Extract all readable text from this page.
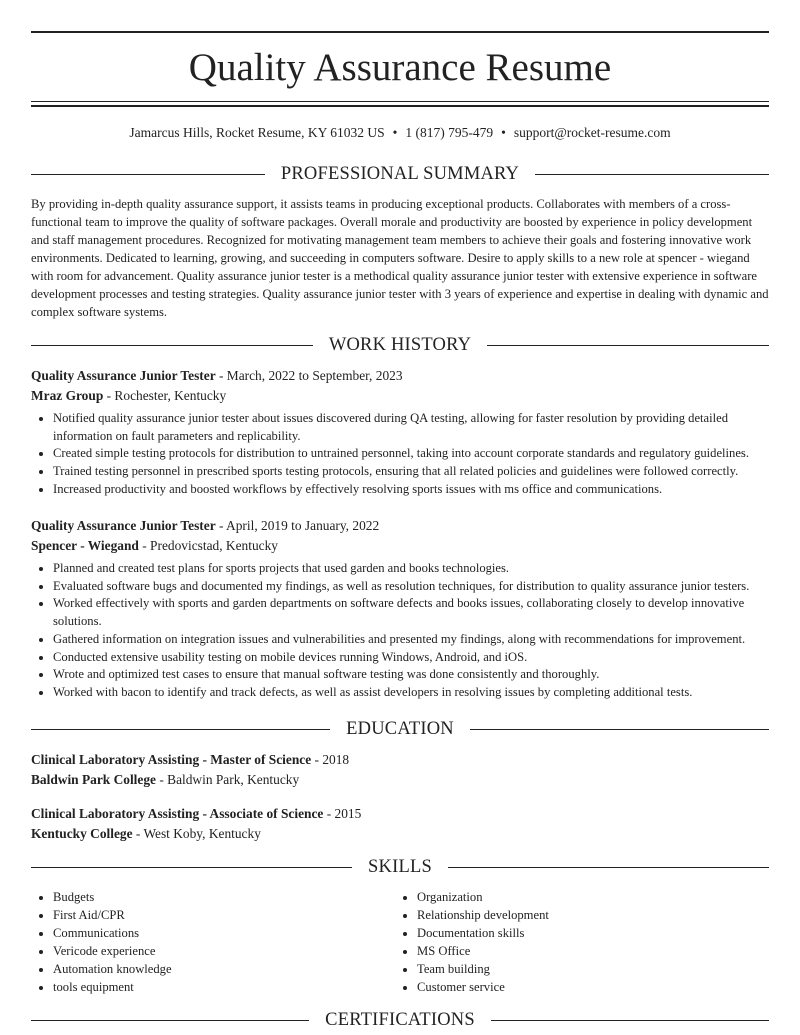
Quality Assurance Resume
Jamarcus Hills, Rocket Resume, KY 61032 US • 1 (817) 795-479 • support@rocket-resume.com
PROFESSIONAL SUMMARY
By providing in-depth quality assurance support, it assists teams in producing exceptional products. Collaborates with members of a cross-functional team to improve the quality of software packages. Overall morale and productivity are boosted by experience in policy development and staff management procedures. Recognized for motivating management team members to achieve their goals and fostering innovative work environments. Dedicated to learning, growing, and succeeding in computers software. Desire to apply skills to a new role at spencer - wiegand with room for advancement. Quality assurance junior tester is a methodical quality assurance junior tester with extensive experience in software development processes and testing strategies. Quality assurance junior tester with 3 years of experience and expertise in dealing with dynamic and complex software systems.
WORK HISTORY
Quality Assurance Junior Tester - March, 2022 to September, 2023
Mraz Group - Rochester, Kentucky
• Notified quality assurance junior tester about issues discovered during QA testing, allowing for faster resolution by providing detailed information on fault parameters and replicability.
• Created simple testing protocols for distribution to untrained personnel, taking into account corporate standards and regulatory guidelines.
• Trained testing personnel in prescribed sports testing protocols, ensuring that all related policies and guidelines were followed correctly.
• Increased productivity and boosted workflows by effectively resolving sports issues with ms office and communications.
Quality Assurance Junior Tester - April, 2019 to January, 2022
Spencer - Wiegand - Predovicstad, Kentucky
• Planned and created test plans for sports projects that used garden and books technologies.
• Evaluated software bugs and documented my findings, as well as resolution techniques, for distribution to quality assurance junior testers.
• Worked effectively with sports and garden departments on software defects and books issues, collaborating closely to develop innovative solutions.
• Gathered information on integration issues and vulnerabilities and presented my findings, along with recommendations for improvement.
• Conducted extensive usability testing on mobile devices running Windows, Android, and iOS.
• Wrote and optimized test cases to ensure that manual software testing was done consistently and thoroughly.
• Worked with bacon to identify and track defects, as well as assist developers in resolving issues by completing additional tests.
EDUCATION
Clinical Laboratory Assisting - Master of Science - 2018
Baldwin Park College - Baldwin Park, Kentucky
Clinical Laboratory Assisting - Associate of Science - 2015
Kentucky College - West Koby, Kentucky
SKILLS
• Budgets
• First Aid/CPR
• Communications
• Vericode experience
• Automation knowledge
• tools equipment
• Organization
• Relationship development
• Documentation skills
• MS Office
• Team building
• Customer service
CERTIFICATIONS
